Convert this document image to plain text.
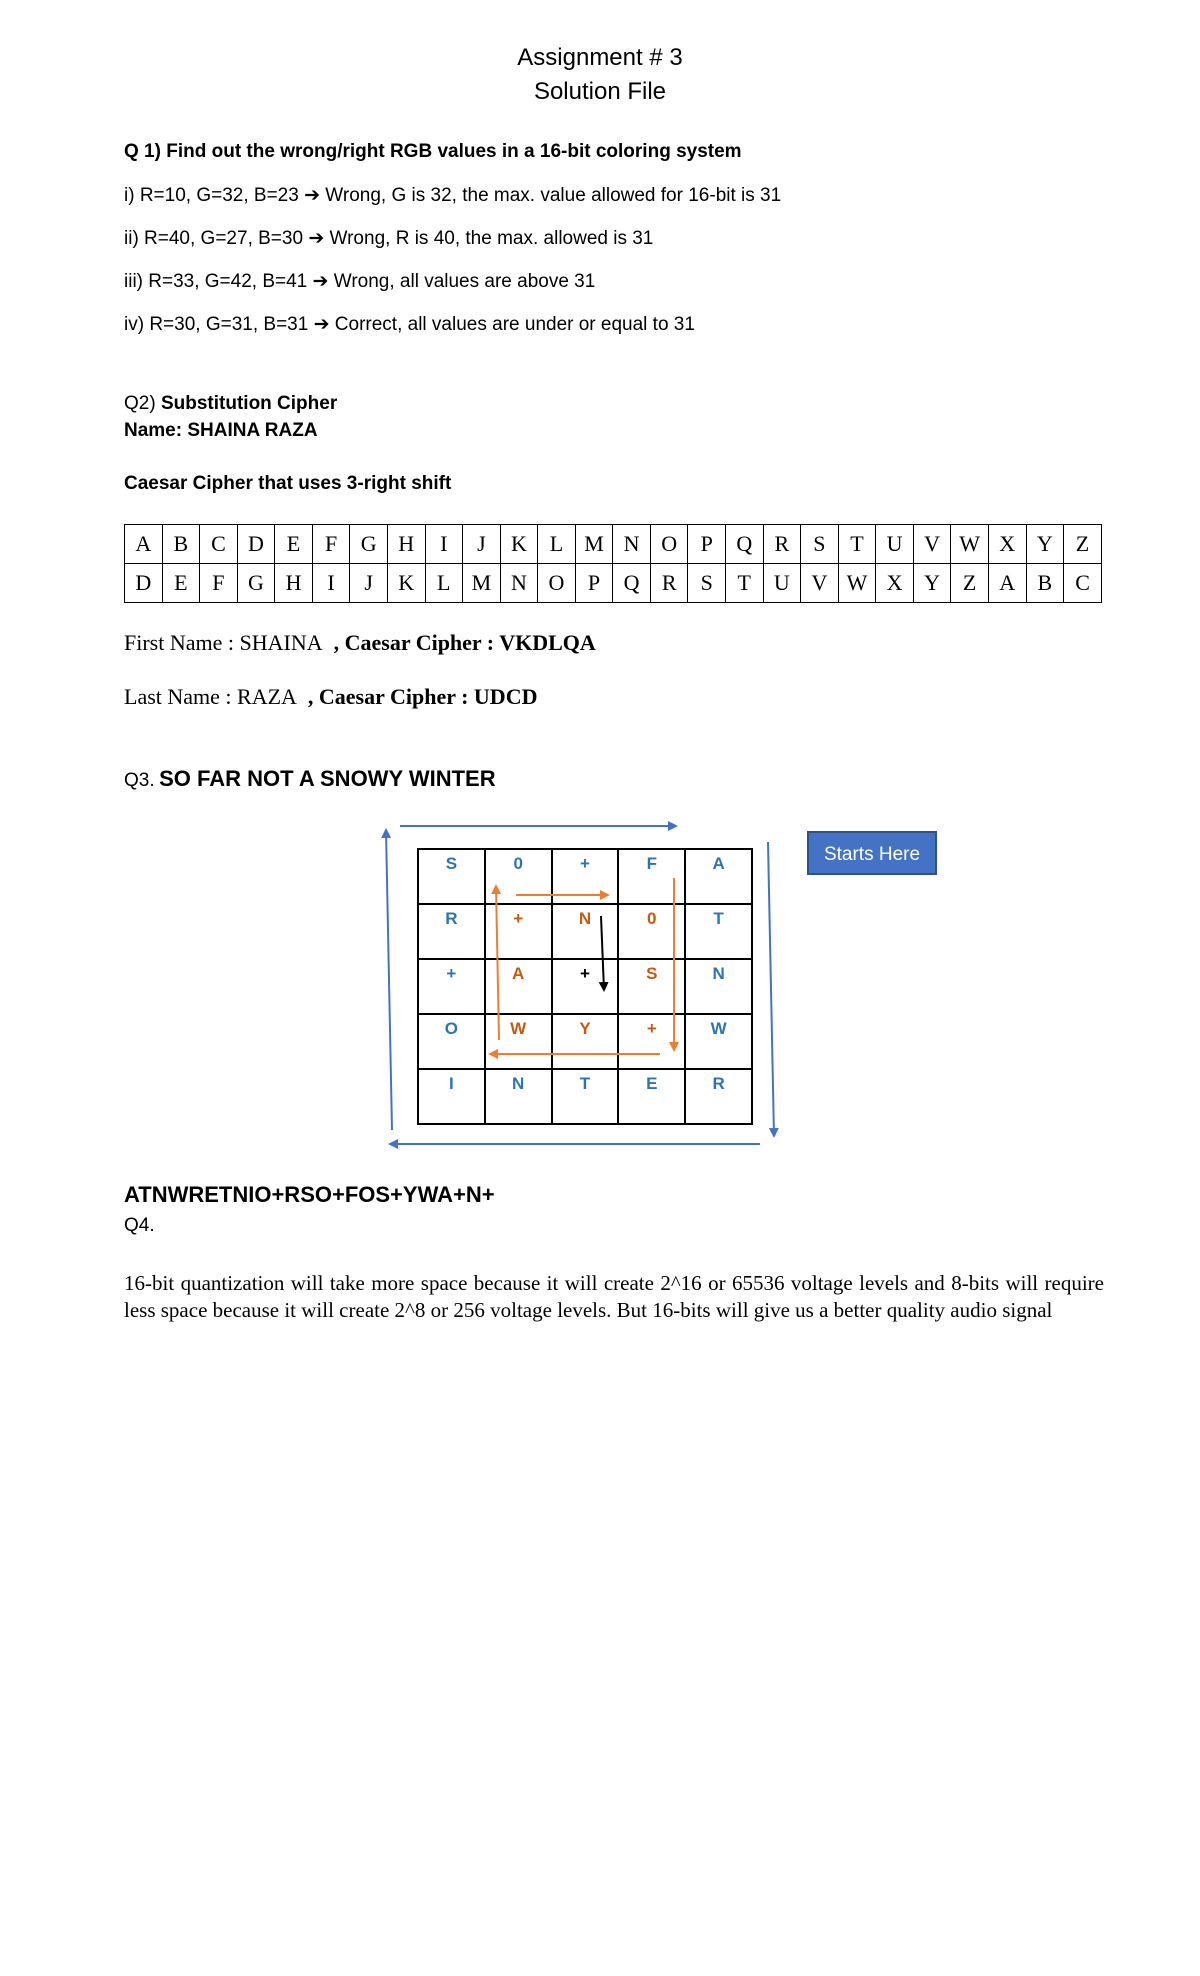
Assignment # 3
Solution File
Q 1) Find out the wrong/right RGB values in a 16-bit coloring system
i) R=10, G=32, B=23 ➔ Wrong, G is 32, the max. value allowed for 16-bit is 31
ii) R=40, G=27, B=30 ➔ Wrong, R is 40, the max. allowed is 31
iii) R=33, G=42, B=41 ➔ Wrong, all values are above 31
iv) R=30, G=31, B=31 ➔ Correct, all values are under or equal to 31
Q2) Substitution Cipher
Name: SHAINA RAZA
Caesar Cipher that uses 3-right shift
A	B	C	D	E	F	G	H	I	J	K	L	M	N	O	P	Q	R	S	T	U	V	W	X	Y	Z
D	E	F	G	H	I	J	K	L	M	N	O	P	Q	R	S	T	U	V	W	X	Y	Z	A	B	C
First Name : SHAINA , Caesar Cipher : VKDLQA
Last Name : RAZA , Caesar Cipher : UDCD
Q3. SO FAR NOT A SNOWY WINTER
S	0	+	F	A
R	+	N	0	T
+	A	+	S	N
O	W	Y	+	W
I	N	T	E	R
Starts Here
ATNWRETNIO+RSO+FOS+YWA+N+
Q4.
16-bit quantization will take more space because it will create 2^16 or 65536 voltage levels and 8-bits will require less space because it will create 2^8 or 256 voltage levels. But 16-bits will give us a better quality audio signal
